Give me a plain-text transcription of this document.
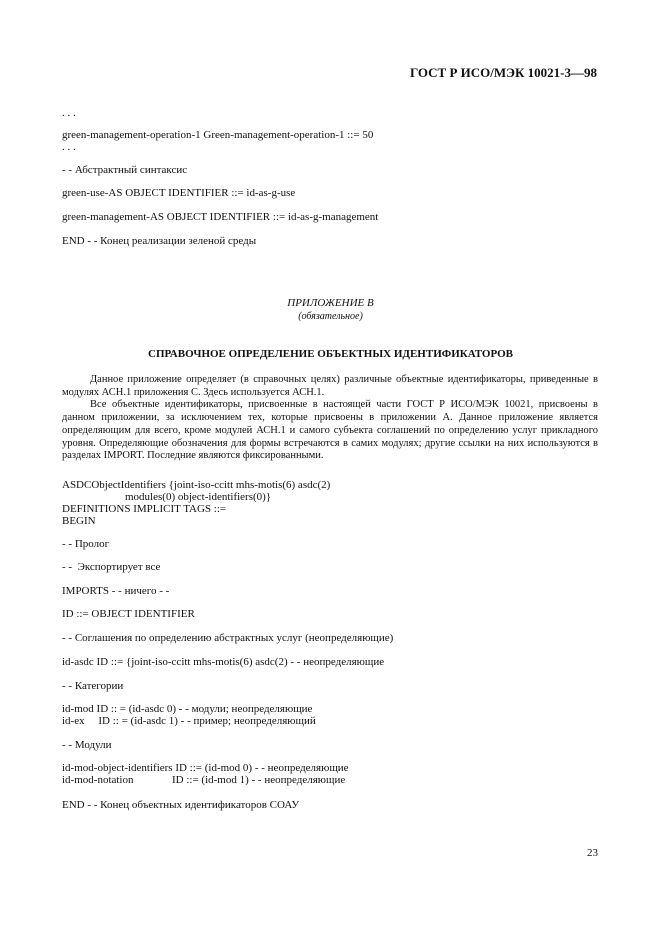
ГОСТ Р ИСО/МЭК 10021-3—98
. . .
green-management-operation-1 Green-management-operation-1 ::= 50
. . .
- - Абстрактный синтаксис
green-use-AS OBJECT IDENTIFIER ::= id-as-g-use
green-management-AS OBJECT IDENTIFIER ::= id-as-g-management
END - - Конец реализации зеленой среды
ПРИЛОЖЕНИЕ В
(обязательное)
СПРАВОЧНОЕ ОПРЕДЕЛЕНИЕ ОБЪЕКТНЫХ ИДЕНТИФИКАТОРОВ

Данное приложение определяет (в справочных целях) различные объектные идентификаторы, приведенные в модулях АСН.1 приложения С. Здесь используется АСН.1.

Все объектные идентификаторы, присвоенные в настоящей части ГОСТ Р ИСО/МЭК 10021, присвоены в данном приложении, за исключением тех, которые присвоены в приложении А. Данное приложение является определяющим для всего, кроме модулей АСН.1 и самого субъекта соглашений по определению услуг прикладного уровня. Определяющие обозначения для формы встречаются в самих модулях; другие ссылки на них используются в разделах IMPORT. Последние являются фиксированными.

ASDCObjectIdentifiers {joint-iso-ccitt mhs-motis(6) asdc(2)
modules(0) object-identifiers(0)}
DEFINITIONS IMPLICIT TAGS ::=
BEGIN
- - Пролог
- -  Экспортирует все
IMPORTS - - ничего - -
ID ::= OBJECT IDENTIFIER
- - Соглашения по определению абстрактных услуг (неопределяющие)
id-asdc ID ::= {joint-iso-ccitt mhs-motis(6) asdc(2) - - неопределяющие
- - Категории
id-mod ID :: = (id-asdc 0) - - модули; неопределяющие
id-ex     ID :: = (id-asdc 1) - - пример; неопределяющий
- - Модули
id-mod-object-identifiers ID ::= (id-mod 0) - - неопределяющие
id-mod-notation              ID ::= (id-mod 1) - - неопределяющие
END - - Конец объектных идентификаторов СОАУ
23
